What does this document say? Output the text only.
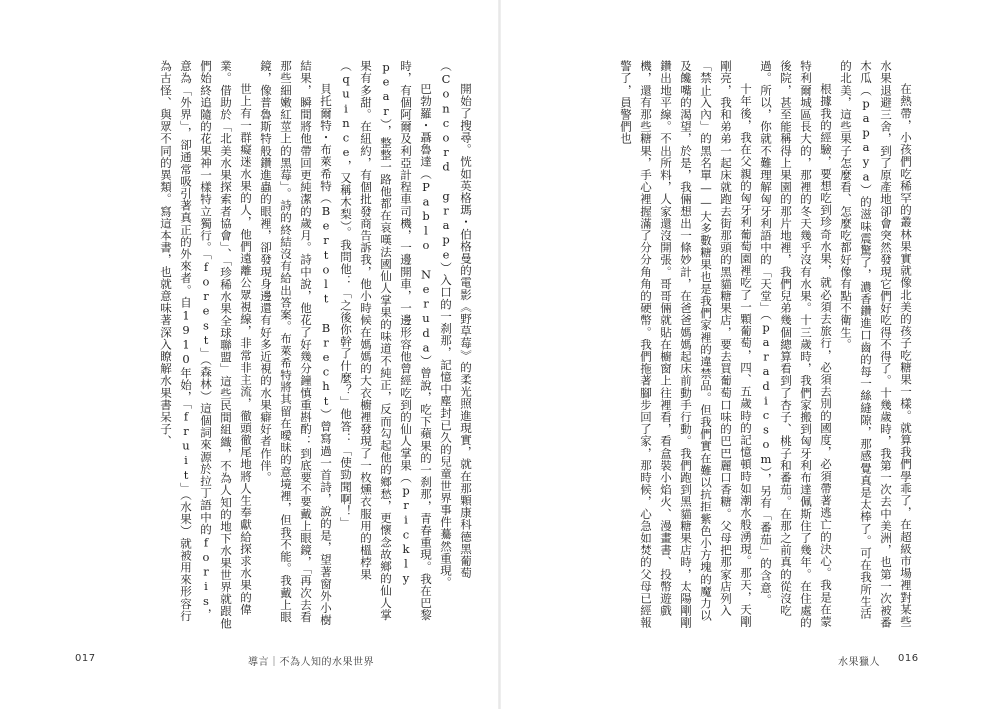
開始了搜尋。恍如英格瑪・伯格曼的電影《野草莓》的柔光照進現實，就在那顆康科德黑葡萄（Concord grape）入口的一刹那，記憶中塵封已久的兒童世界事件驀然重現。

巴勃羅・聶魯達（Pablo Neruda）曾說，吃下蘋果的一刹那，青春重現。我在巴黎時，有個阿爾及利亞計程車司機，一邊開車，一邊形容他曾經吃到的仙人掌果（prickly pear），整整一路他都在哀嘆法國仙人掌果的味道不純正，反而勾起他的鄉愁，更懷念故鄉的仙人掌果有多甜。在紐約，有個批發商告訴我，他小時候在媽媽的大衣櫥裡發現了一枚燻衣服用的榲桲果（quince，又稱木梨）。我問他：「之後你幹了什麼？」他答：「使勁聞啊！」

貝托爾特・布萊希特（Bertolt Brecht）曾寫過一首詩，說的是，望著窗外小樹結果，瞬間將他帶回更純潔的歲月。詩中說，他花了好幾分鐘慎重斟酌：到底要不要戴上眼鏡，「再次去看那些細嫩紅莖上的黑莓」。詩的終結沒有給出答案。布萊希特將其留在曖昧的意境裡，但我不能。我戴上眼鏡，像普魯斯特般鑽進蟲的眼裡，卻發現身邊還有好多近視的水果癖好者作伴。

世上有一群癡迷水果的人，他們遠離公眾視線，非常非主流，徹頭徹尾地將人生奉獻給探求水果的偉業。借助於「北美水果探索者協會」、「珍稀水果全球聯盟」這些民間組織，不為人知的地下水果世界就跟他們始終追隨的花果神一樣特立獨行。「forest」（森林）這個詞來源於拉丁語中的foris，意為「外界」，卻通常吸引著真正的外來者。自1910年始，「fruit」（水果）就被用來形容行為古怪、與眾不同的異類。寫這本書，也就意味著深入瞭解水果書呆子、	在熱帶，小孩們吃稀罕的叢林果實就像北美的孩子吃糖果一樣。就算我們學乖了，在超級市場裡對某些水果退避三舍，到了原產地卻會突然發現它們好吃得不得了。十幾歲時，我第一次去中美洲，也第一次被番木瓜（papaya）的滋味震驚了，濃香鑽進口齒的每一絲縫隙，那感覺真是太棒了。可在我所生活的北美，這些果子怎麼看、怎麼吃都好像有點不衛生。

根據我的經驗，要想吃到珍奇水果，就必須去旅行，必須去別的國度，必須帶著逃亡的決心。我是在蒙特利爾城區長大的，那裡的冬天幾乎沒有水果。十三歲時，我們家搬到匈牙利布達佩斯住了幾年。在住處的後院，甚至能稱得上果園的那片地裡，我們兒弟幾個總算看到了杏子、桃子和番茄。在那之前真的從沒吃過。所以，你就不難理解匈牙利語中的「天堂」（paradicsom），另有「番茄」的含意。

十年後，我在父親的匈牙利葡萄園裡吃了一顆葡萄，四、五歲時的記憶頓時如潮水般湧現。那天，天剛剛亮，我和弟弟一起床就跑去街那頭的黑貓糖果店，要去買葡萄口味的巴巴麗口香糖。父母把那家店列入「禁止入內」的黑名單——大多數糖果也是我們家裡的違禁品。但我們實在難以抗拒紫色小方塊的魔力以及饞嘴的渴望，於是，我倆想出一條妙計，在爸爸媽媽起床前動手行動。我們跑到黑貓糖果店時，太陽剛剛鑽出地平線。不出所料，人家還沒開張。哥哥倆就貼在櫥窗上往裡看，看盒裝小焰火、漫畫書、投幣遊戲機，還有那些糖果，手心裡握滿了分分角角的硬幣。我們拖著腳步回了家，那時候，心急如焚的父母已經報警了，員警們也

017	導言｜不為人知的水果世界	水果獵人 016
